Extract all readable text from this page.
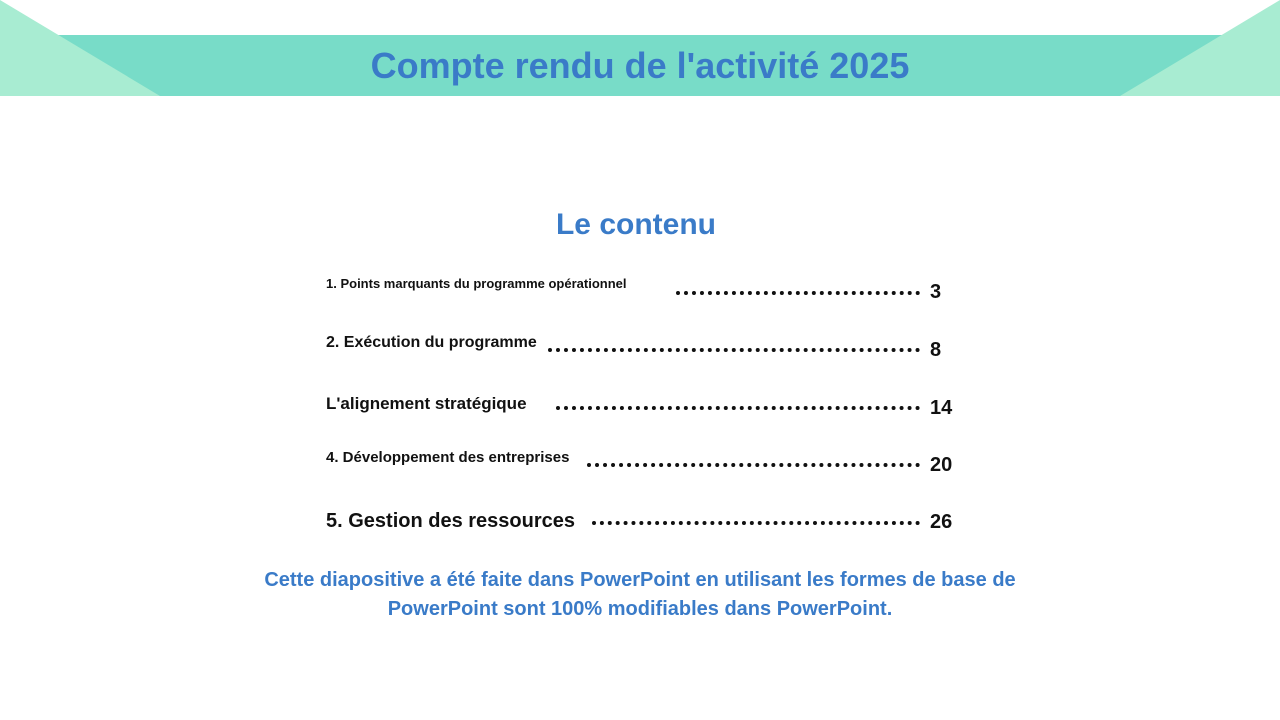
Compte rendu de l'activité 2025
Le contenu
1. Points marquants du programme opérationnel	3
2. Exécution du programme	8
L'alignement stratégique	14
4. Développement des entreprises	20
5. Gestion des ressources	26
Cette diapositive a été faite dans PowerPoint en utilisant les formes de base de
PowerPoint sont 100% modifiables dans PowerPoint.
